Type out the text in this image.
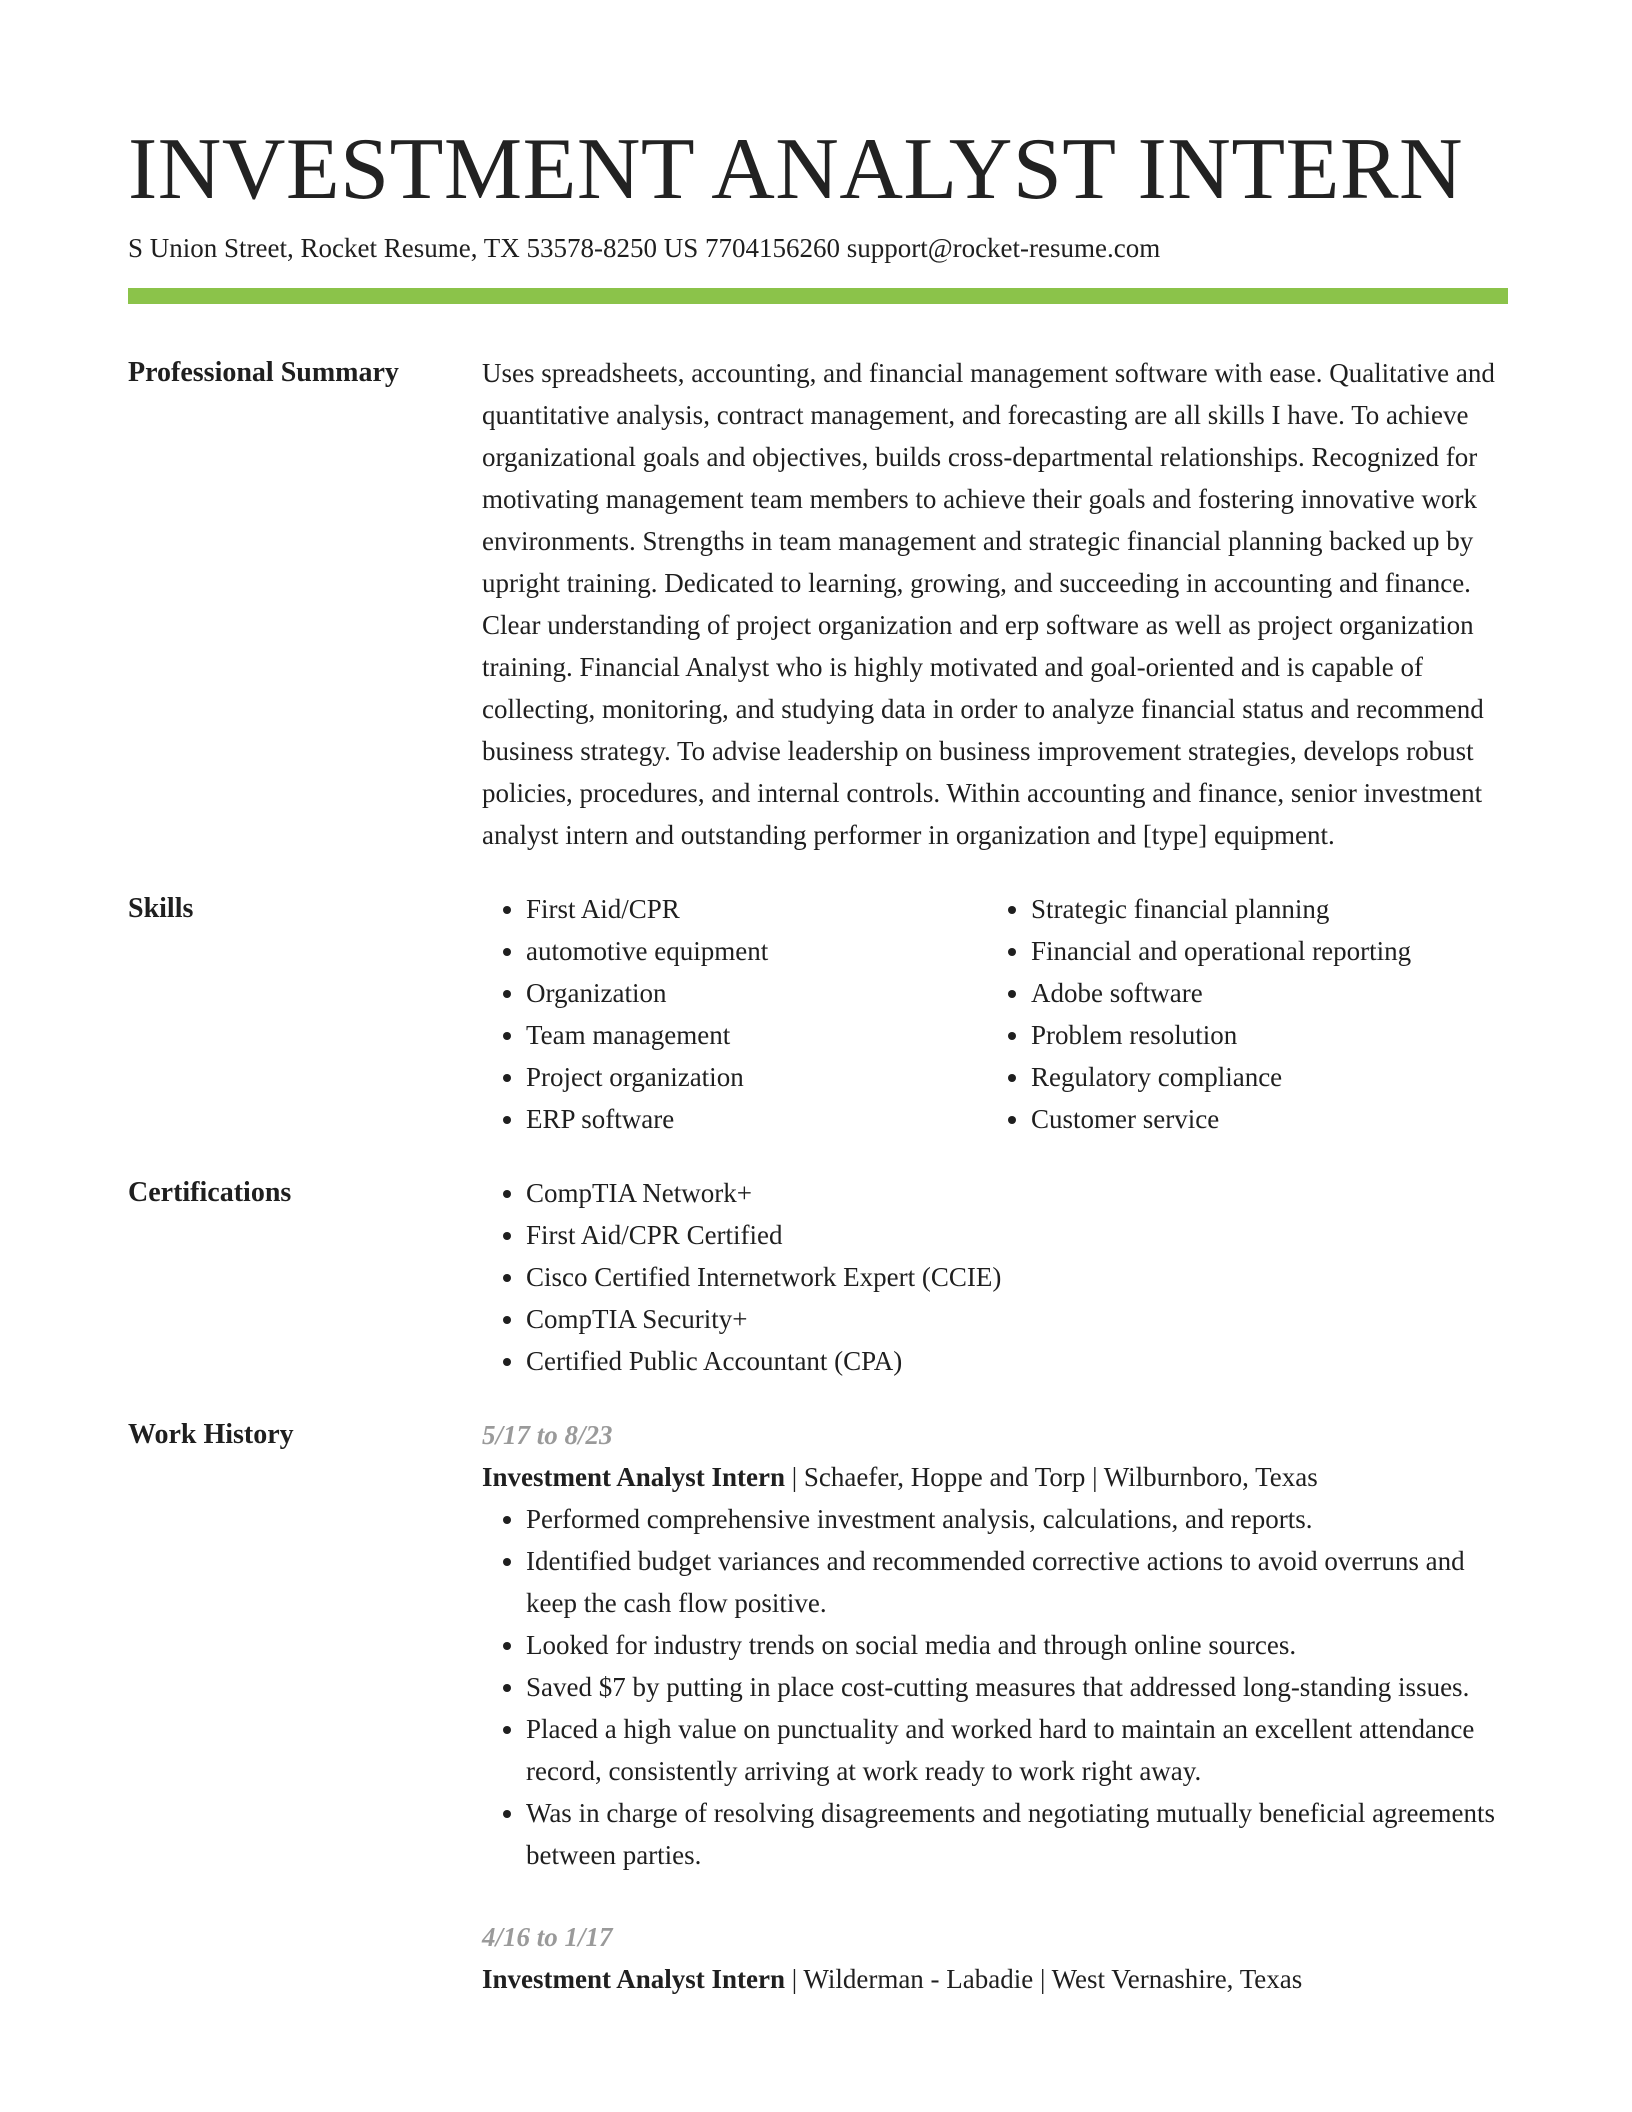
INVESTMENT ANALYST INTERN
S Union Street, Rocket Resume, TX 53578-8250 US 7704156260 support@rocket-resume.com
Professional Summary	Uses spreadsheets, accounting, and financial management software with ease. Qualitative and quantitative analysis, contract management, and forecasting are all skills I have. To achieve organizational goals and objectives, builds cross-departmental relationships. Recognized for motivating management team members to achieve their goals and fostering innovative work environments. Strengths in team management and strategic financial planning backed up by upright training. Dedicated to learning, growing, and succeeding in accounting and finance. Clear understanding of project organization and erp software as well as project organization training. Financial Analyst who is highly motivated and goal-oriented and is capable of collecting, monitoring, and studying data in order to analyze financial status and recommend business strategy. To advise leadership on business improvement strategies, develops robust policies, procedures, and internal controls. Within accounting and finance, senior investment analyst intern and outstanding performer in organization and [type] equipment.

Skills	• First Aid/CPR
• automotive equipment
• Organization
• Team management
• Project organization
• ERP software
• Strategic financial planning
• Financial and operational reporting
• Adobe software
• Problem resolution
• Regulatory compliance
• Customer service
Certifications	• CompTIA Network+
• First Aid/CPR Certified
• Cisco Certified Internetwork Expert (CCIE)
• CompTIA Security+
• Certified Public Accountant (CPA)
Work History	5/17 to 8/23
Investment Analyst Intern | Schaefer, Hoppe and Torp | Wilburnboro, Texas
• Performed comprehensive investment analysis, calculations, and reports.
• Identified budget variances and recommended corrective actions to avoid overruns and keep the cash flow positive.
• Looked for industry trends on social media and through online sources.
• Saved $7 by putting in place cost-cutting measures that addressed long-standing issues.
• Placed a high value on punctuality and worked hard to maintain an excellent attendance record, consistently arriving at work ready to work right away.
• Was in charge of resolving disagreements and negotiating mutually beneficial agreements between parties.
4/16 to 1/17
Investment Analyst Intern | Wilderman - Labadie | West Vernashire, Texas
